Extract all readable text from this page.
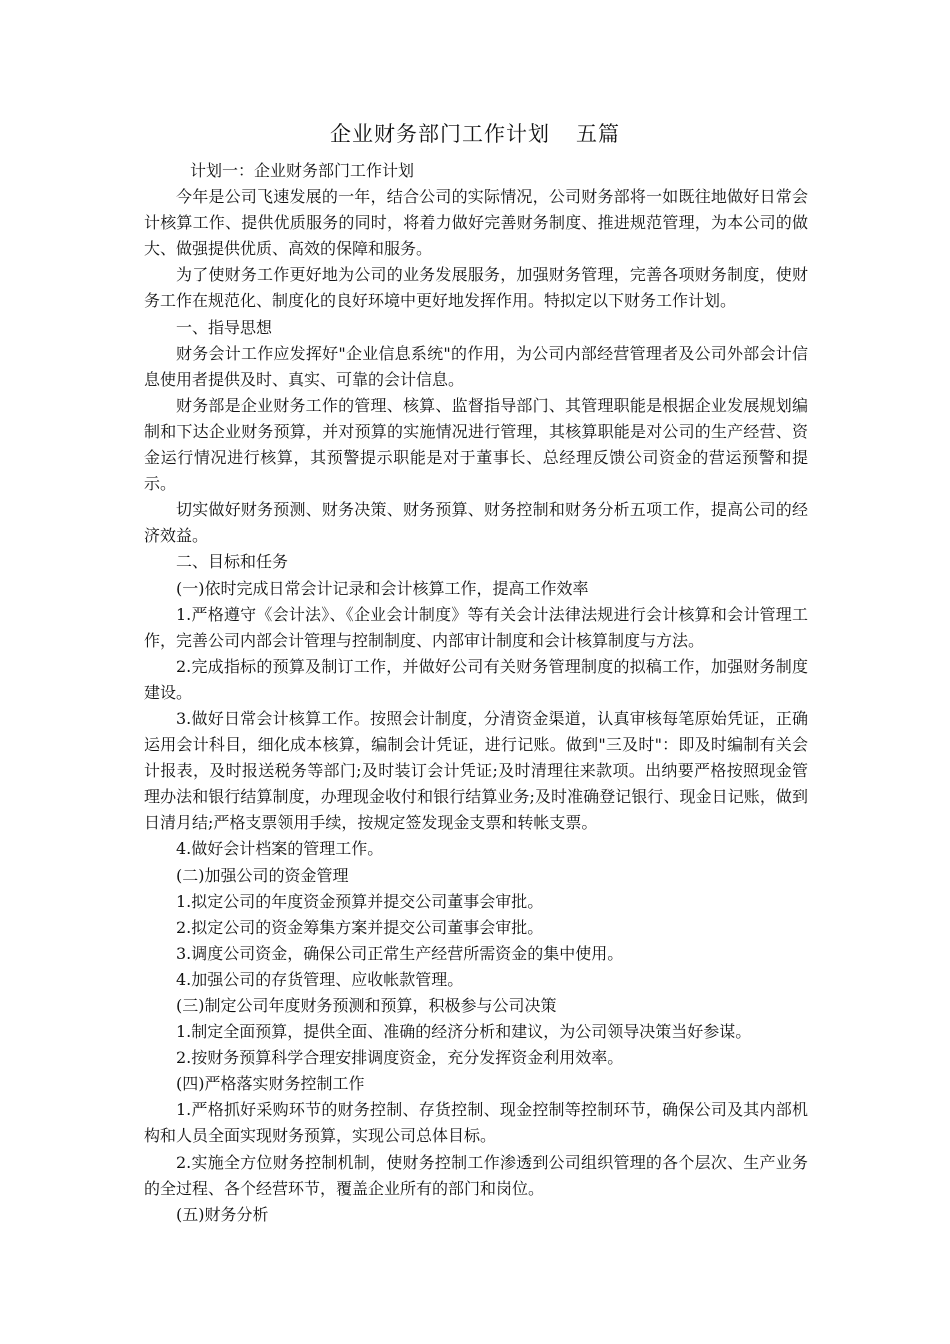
企业财务部门工作计划 五篇

计划一：企业财务部门工作计划

今年是公司飞速发展的一年，结合公司的实际情况，公司财务部将一如既往地做好日常会计核算工作、提供优质服务的同时，将着力做好完善财务制度、推进规范管理，为本公司的做大、做强提供优质、高效的保障和服务。

为了使财务工作更好地为公司的业务发展服务，加强财务管理，完善各项财务制度，使财务工作在规范化、制度化的良好环境中更好地发挥作用。特拟定以下财务工作计划。

一、指导思想

财务会计工作应发挥好"企业信息系统"的作用，为公司内部经营管理者及公司外部会计信息使用者提供及时、真实、可靠的会计信息。

财务部是企业财务工作的管理、核算、监督指导部门、其管理职能是根据企业发展规划编制和下达企业财务预算，并对预算的实施情况进行管理，其核算职能是对公司的生产经营、资金运行情况进行核算，其预警提示职能是对于董事长、总经理反馈公司资金的营运预警和提示。

切实做好财务预测、财务决策、财务预算、财务控制和财务分析五项工作，提高公司的经济效益。

二、目标和任务

(一)依时完成日常会计记录和会计核算工作，提高工作效率

1.严格遵守《会计法》、《企业会计制度》等有关会计法律法规进行会计核算和会计管理工作，完善公司内部会计管理与控制制度、内部审计制度和会计核算制度与方法。

2.完成指标的预算及制订工作，并做好公司有关财务管理制度的拟稿工作，加强财务制度建设。

3.做好日常会计核算工作。按照会计制度，分清资金渠道，认真审核每笔原始凭证，正确运用会计科目，细化成本核算，编制会计凭证，进行记账。做到"三及时"：即及时编制有关会计报表，及时报送税务等部门;及时装订会计凭证;及时清理往来款项。出纳要严格按照现金管理办法和银行结算制度，办理现金收付和银行结算业务;及时准确登记银行、现金日记账，做到日清月结;严格支票领用手续，按规定签发现金支票和转帐支票。

4.做好会计档案的管理工作。

(二)加强公司的资金管理

1.拟定公司的年度资金预算并提交公司董事会审批。

2.拟定公司的资金筹集方案并提交公司董事会审批。

3.调度公司资金，确保公司正常生产经营所需资金的集中使用。

4.加强公司的存货管理、应收帐款管理。

(三)制定公司年度财务预测和预算，积极参与公司决策

1.制定全面预算，提供全面、准确的经济分析和建议，为公司领导决策当好参谋。

2.按财务预算科学合理安排调度资金，充分发挥资金利用效率。

(四)严格落实财务控制工作

1.严格抓好采购环节的财务控制、存货控制、现金控制等控制环节，确保公司及其内部机构和人员全面实现财务预算，实现公司总体目标。

2.实施全方位财务控制机制，使财务控制工作渗透到公司组织管理的各个层次、生产业务的全过程、各个经营环节，覆盖企业所有的部门和岗位。

(五)财务分析
